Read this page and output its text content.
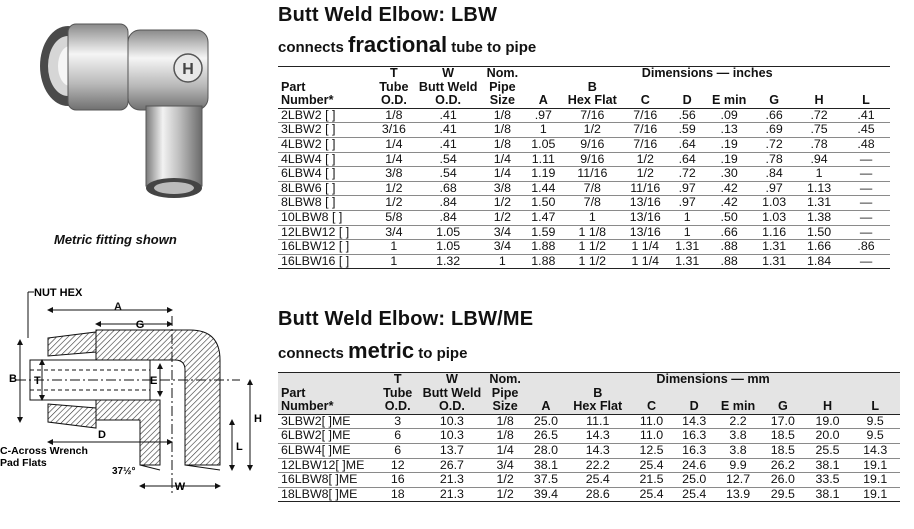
H
Metric fitting shown
NUT HEX
A
G
B T	E
D
H
L
W
C-Across Wrench
Pad Flats
37½°
Butt Weld Elbow: LBW
connects fractional tube to pipe
	T	W	Nom.	Dimensions — inches							
Part	Tube	Butt Weld	Pipe		B						
Number*	O.D.	O.D.	Size	A	Hex Flat	C	D	E min	G	H	L
2LBW2 [ ]	1/8	.41	1/8	.97	7/16	7/16	.56	.09	.66	.72	.41
3LBW2 [ ]	3/16	.41	1/8	1	1/2	7/16	.59	.13	.69	.75	.45
4LBW2 [ ]	1/4	.41	1/8	1.05	9/16	7/16	.64	.19	.72	.78	.48
4LBW4 [ ]	1/4	.54	1/4	1.11	9/16	1/2	.64	.19	.78	.94	—
6LBW4 [ ]	3/8	.54	1/4	1.19	11/16	1/2	.72	.30	.84	1	—
8LBW6 [ ]	1/2	.68	3/8	1.44	7/8	11/16	.97	.42	.97	1.13	—
8LBW8 [ ]	1/2	.84	1/2	1.50	7/8	13/16	.97	.42	1.03	1.31	—
10LBW8 [ ]	5/8	.84	1/2	1.47	1	13/16	1	.50	1.03	1.38	—
12LBW12 [ ]	3/4	1.05	3/4	1.59	1 1/8	13/16	1	.66	1.16	1.50	—
16LBW12 [ ]	1	1.05	3/4	1.88	1 1/2	1 1/4	1.31	.88	1.31	1.66	.86
16LBW16 [ ]	1	1.32	1	1.88	1 1/2	1 1/4	1.31	.88	1.31	1.84	—
Butt Weld Elbow: LBW/ME
connects metric to pipe
	T	W	Nom.	Dimensions — mm							
Part	Tube	Butt Weld	Pipe		B						
Number*	O.D.	O.D.	Size	A	Hex Flat	C	D	E min	G	H	L
3LBW2[ ]ME	3	10.3	1/8	25.0	11.1	11.0	14.3	2.2	17.0	19.0	9.5
6LBW2[ ]ME	6	10.3	1/8	26.5	14.3	11.0	16.3	3.8	18.5	20.0	9.5
6LBW4[ ]ME	6	13.7	1/4	28.0	14.3	12.5	16.3	3.8	18.5	25.5	14.3
12LBW12[ ]ME	12	26.7	3/4	38.1	22.2	25.4	24.6	9.9	26.2	38.1	19.1
16LBW8[ ]ME	16	21.3	1/2	37.5	25.4	21.5	25.0	12.7	26.0	33.5	19.1
18LBW8[ ]ME	18	21.3	1/2	39.4	28.6	25.4	25.4	13.9	29.5	38.1	19.1
